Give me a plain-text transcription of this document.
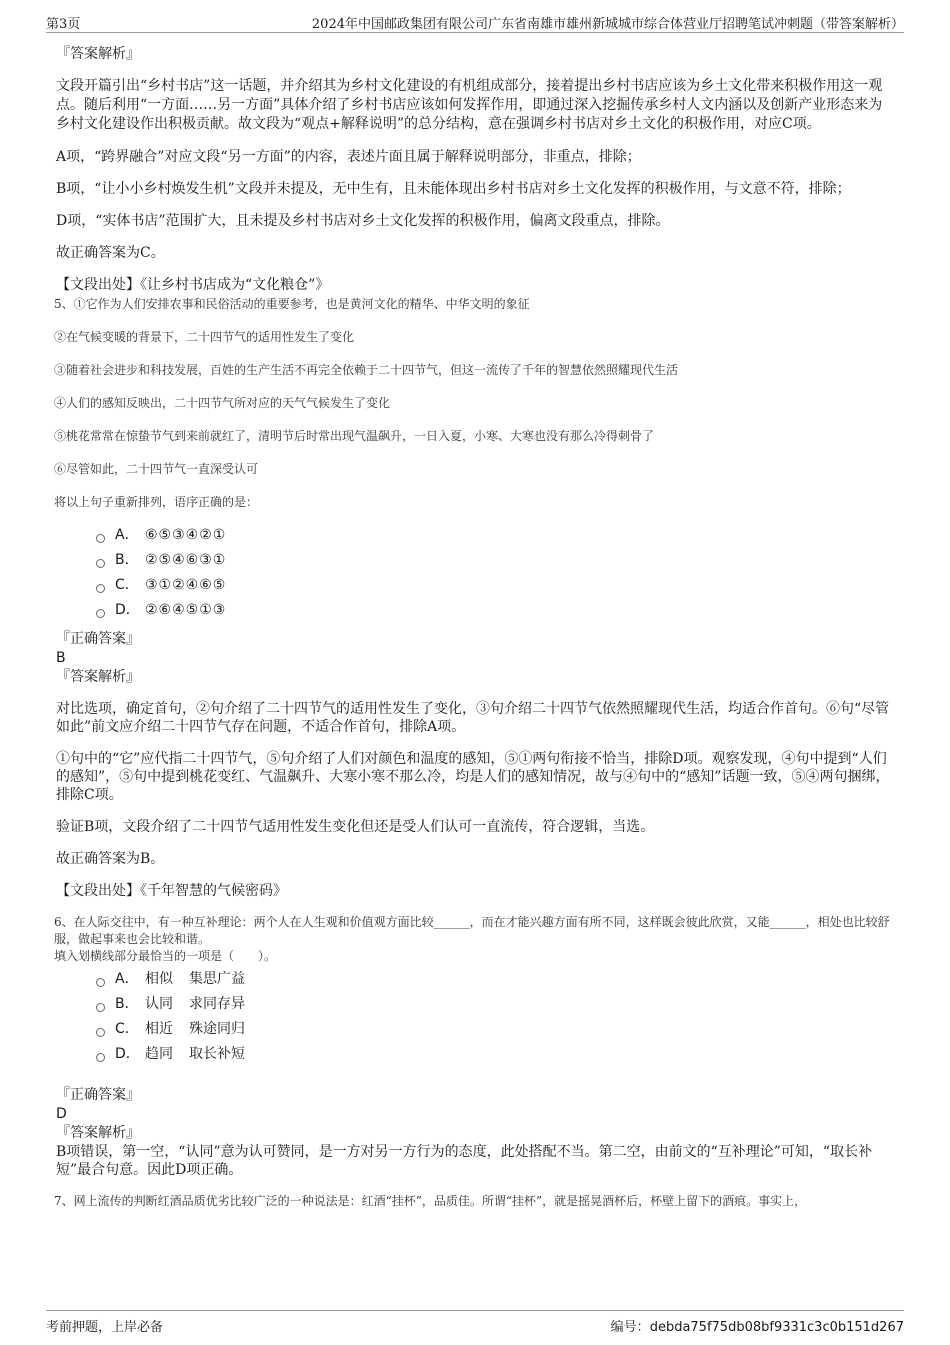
第3页	2024年中国邮政集团有限公司广东省南雄市雄州新城城市综合体营业厅招聘笔试冲刺题（带答案解析）

『答案解析』

文段开篇引出“乡村书店”这一话题，并介绍其为乡村文化建设的有机组成部分，接着提出乡村书店应该为乡土文化带来积极作用这一观点。随后利用“一方面……另一方面”具体介绍了乡村书店应该如何发挥作用，即通过深入挖掘传承乡村人文内涵以及创新产业形态来为乡村文化建设作出积极贡献。故文段为“观点+解释说明”的总分结构，意在强调乡村书店对乡土文化的积极作用，对应C项。

A项，“跨界融合”对应文段“另一方面”的内容，表述片面且属于解释说明部分，非重点，排除；

B项，“让小小乡村焕发生机”文段并未提及，无中生有，且未能体现出乡村书店对乡土文化发挥的积极作用，与文意不符，排除；

D项，“实体书店”范围扩大，且未提及乡村书店对乡土文化发挥的积极作用，偏离文段重点，排除。

故正确答案为C。

【文段出处】《让乡村书店成为“文化粮仓”》

5、①它作为人们安排农事和民俗活动的重要参考，也是黄河文化的精华、中华文明的象征

②在气候变暖的背景下，二十四节气的适用性发生了变化

③随着社会进步和科技发展，百姓的生产生活不再完全依赖于二十四节气，但这一流传了千年的智慧依然照耀现代生活

④人们的感知反映出，二十四节气所对应的天气气候发生了变化

⑤桃花常常在惊蛰节气到来前就红了，清明节后时常出现气温飙升，一日入夏，小寒、大寒也没有那么冷得刺骨了

⑥尽管如此，二十四节气一直深受认可

将以上句子重新排列，语序正确的是：

A． ⑥⑤③④②①
B． ②⑤④⑥③①
C． ③①②④⑥⑤
D． ②⑥④⑤①③

『正确答案』

B

『答案解析』

对比选项，确定首句，②句介绍了二十四节气的适用性发生了变化，③句介绍二十四节气依然照耀现代生活，均适合作首句。⑥句“尽管如此”前文应介绍二十四节气存在问题，不适合作首句，排除A项。

①句中的“它”应代指二十四节气，⑤句介绍了人们对颜色和温度的感知，⑤①两句衔接不恰当，排除D项。观察发现，④句中提到“人们的感知”，⑤句中提到桃花变红、气温飙升、大寒小寒不那么冷，均是人们的感知情况，故与④句中的“感知”话题一致，⑤④两句捆绑，排除C项。

验证B项，文段介绍了二十四节气适用性发生变化但还是受人们认可一直流传，符合逻辑，当选。

故正确答案为B。

【文段出处】《千年智慧的气候密码》

6、在人际交往中，有一种互补理论：两个人在人生观和价值观方面比较______，而在才能兴趣方面有所不同，这样既会彼此欣赏，又能______，相处也比较舒服，做起事来也会比较和谐。

填入划横线部分最恰当的一项是（　　）。

A． 相似 集思广益
B． 认同 求同存异
C． 相近 殊途同归
D． 趋同 取长补短

『正确答案』

D

『答案解析』

B项错误，第一空，“认同”意为认可赞同，是一方对另一方行为的态度，此处搭配不当。第二空，由前文的“互补理论”可知，“取长补短”最合句意。因此D项正确。

7、网上流传的判断红酒品质优劣比较广泛的一种说法是：红酒“挂杯”，品质佳。所谓“挂杯”，就是摇晃酒杯后，杯壁上留下的酒痕。事实上，

考前押题，上岸必备	编号：debda75f75db08bf9331c3c0b151d267
